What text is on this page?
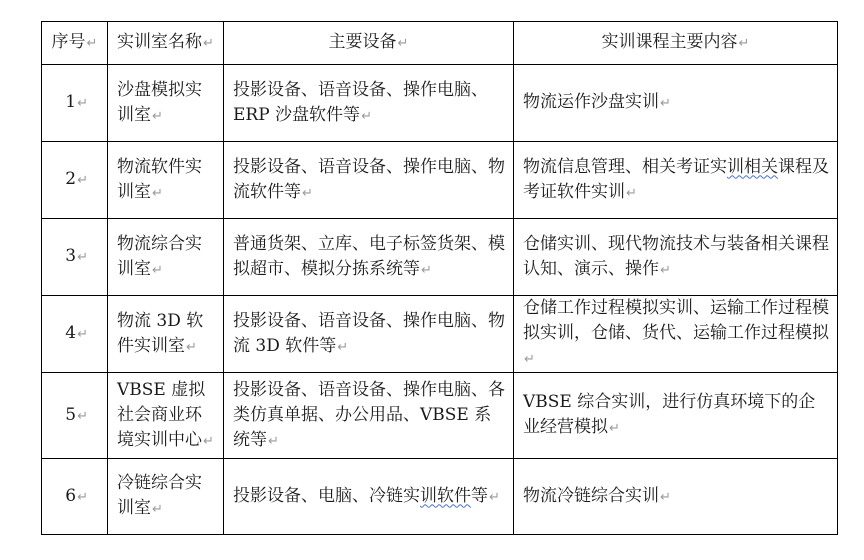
序号↵	实训室名称↵	主要设备↵	实训课程主要内容↵
1↵	沙盘模拟实训室↵	投影设备、语音设备、操作电脑、ERP 沙盘软件等↵	物流运作沙盘实训↵
2↵	物流软件实训室↵	投影设备、语音设备、操作电脑、物流软件等↵	物流信息管理、相关考证实训相关课程及考证软件实训↵
3↵	物流综合实训室↵	普通货架、立库、电子标签货架、模拟超市、模拟分拣系统等↵	仓储实训、现代物流技术与装备相关课程认知、演示、操作↵
4↵	物流 3D 软件实训室↵	投影设备、语音设备、操作电脑、物流 3D 软件等↵	仓储工作过程模拟实训、运输工作过程模拟实训，仓储、货代、运输工作过程模拟↵
5↵	VBSE 虚拟社会商业环境实训中心↵	投影设备、语音设备、操作电脑、各类仿真单据、办公用品、VBSE 系统等↵	VBSE 综合实训，进行仿真环境下的企业经营模拟↵
6↵	冷链综合实训室↵	投影设备、电脑、冷链实训软件等↵	物流冷链综合实训↵
